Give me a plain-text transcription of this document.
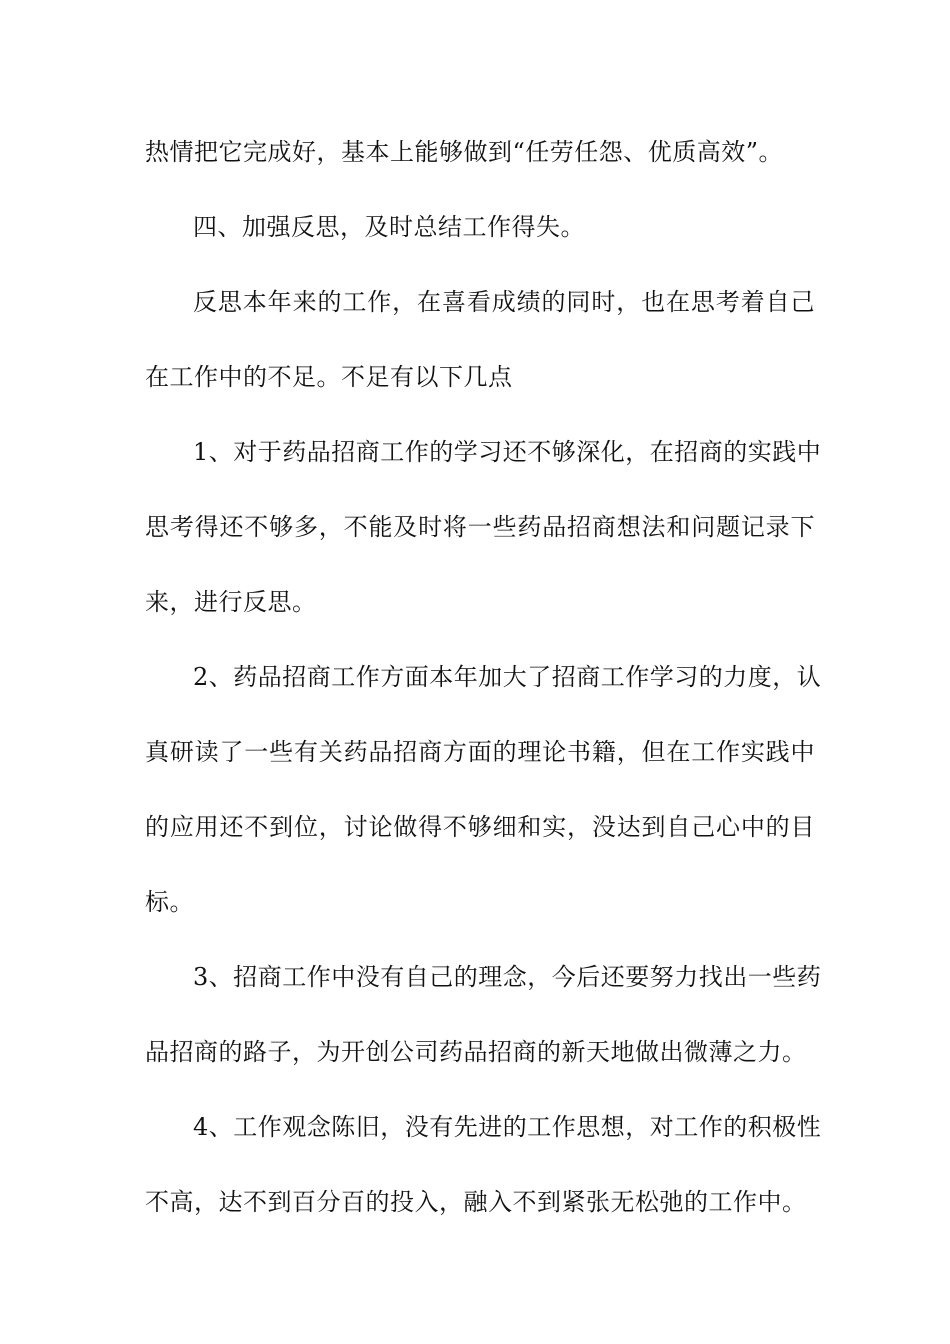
热情把它完成好，基本上能够做到“任劳任怨、优质高效”。
四、加强反思，及时总结工作得失。
反思本年来的工作，在喜看成绩的同时，也在思考着自己
在工作中的不足。不足有以下几点
1、对于药品招商工作的学习还不够深化，在招商的实践中
思考得还不够多，不能及时将一些药品招商想法和问题记录下
来，进行反思。
2、药品招商工作方面本年加大了招商工作学习的力度，认
真研读了一些有关药品招商方面的理论书籍，但在工作实践中
的应用还不到位，讨论做得不够细和实，没达到自己心中的目
标。
3、招商工作中没有自己的理念，今后还要努力找出一些药
品招商的路子，为开创公司药品招商的新天地做出微薄之力。
4、工作观念陈旧，没有先进的工作思想，对工作的积极性
不高，达不到百分百的投入，融入不到紧张无松弛的工作中。
